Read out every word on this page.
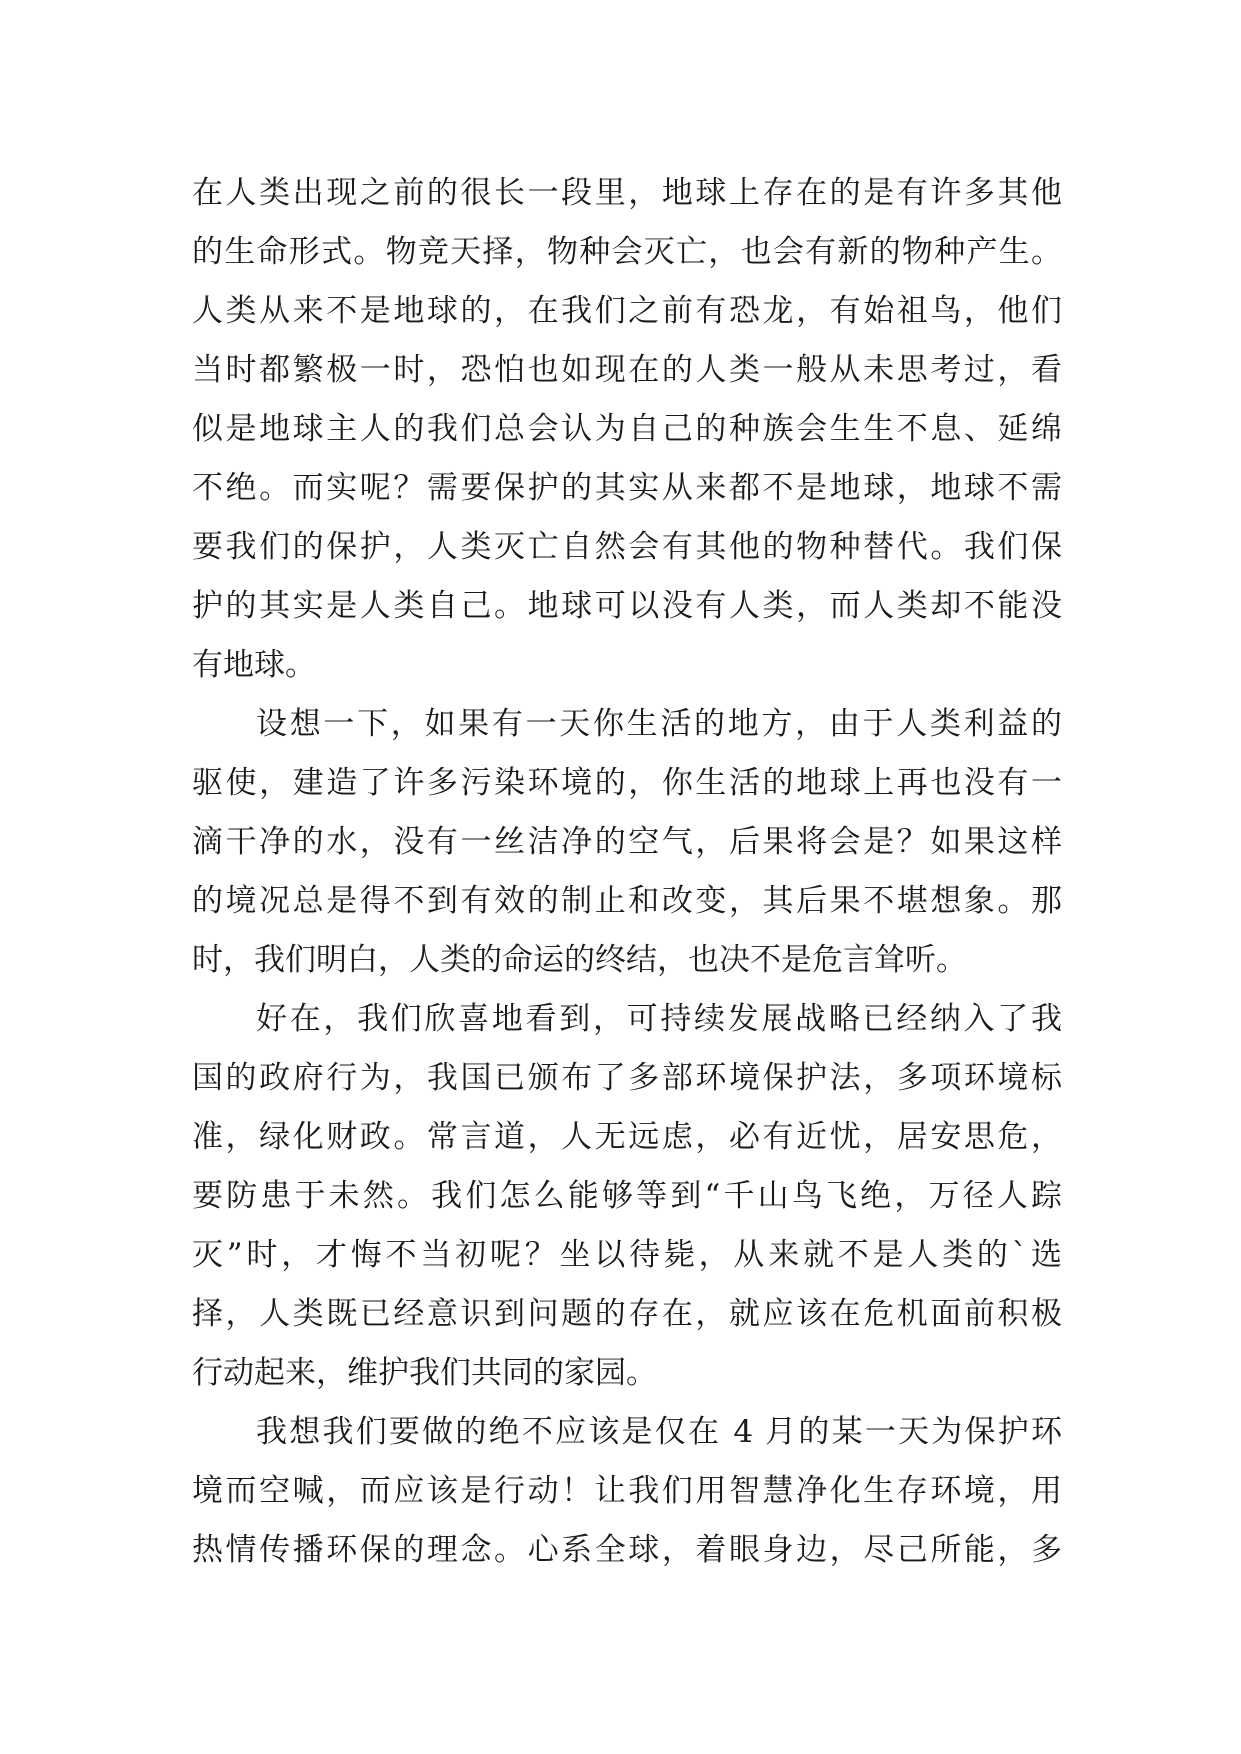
在人类出现之前的很长一段里，地球上存在的是有许多其他
的生命形式。物竞天择，物种会灭亡，也会有新的物种产生。
人类从来不是地球的，在我们之前有恐龙，有始祖鸟，他们
当时都繁极一时，恐怕也如现在的人类一般从未思考过，看
似是地球主人的我们总会认为自己的种族会生生不息、延绵
不绝。而实呢？需要保护的其实从来都不是地球，地球不需
要我们的保护，人类灭亡自然会有其他的物种替代。我们保
护的其实是人类自己。地球可以没有人类，而人类却不能没
有地球。
设想一下，如果有一天你生活的地方，由于人类利益的
驱使，建造了许多污染环境的，你生活的地球上再也没有一
滴干净的水，没有一丝洁净的空气，后果将会是？如果这样
的境况总是得不到有效的制止和改变，其后果不堪想象。那
时，我们明白，人类的命运的终结，也决不是危言耸听。
好在，我们欣喜地看到，可持续发展战略已经纳入了我
国的政府行为，我国已颁布了多部环境保护法，多项环境标
准，绿化财政。常言道，人无远虑，必有近忧，居安思危，
要防患于未然。我们怎么能够等到“千山鸟飞绝，万径人踪
灭”时，才悔不当初呢？坐以待毙，从来就不是人类的`选
择，人类既已经意识到问题的存在，就应该在危机面前积极
行动起来，维护我们共同的家园。
我想我们要做的绝不应该是仅在 4 月的某一天为保护环
境而空喊，而应该是行动！让我们用智慧净化生存环境，用
热情传播环保的理念。心系全球，着眼身边，尽己所能，多
